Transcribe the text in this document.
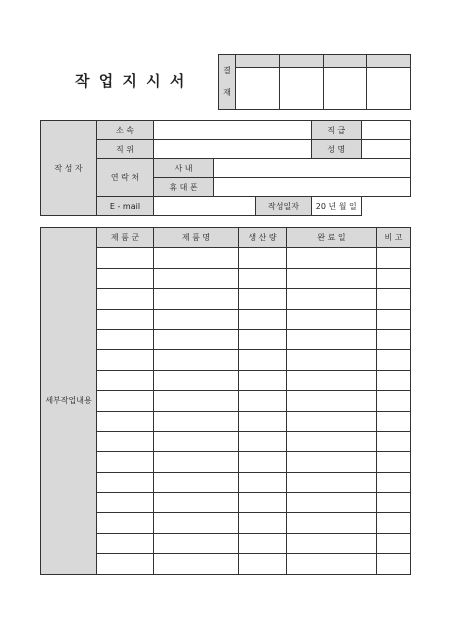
작 업 지 시 서
결
재				

작 성 자	소 속				직 급	
	직 위				성 명	
	연 락 처	사 내				
		휴 대 폰				
	E - mail			작성일자	20 년 월 일	
세부작업내용	제 품 군	제 품 명	생 산 량	완 료 일	비 고
